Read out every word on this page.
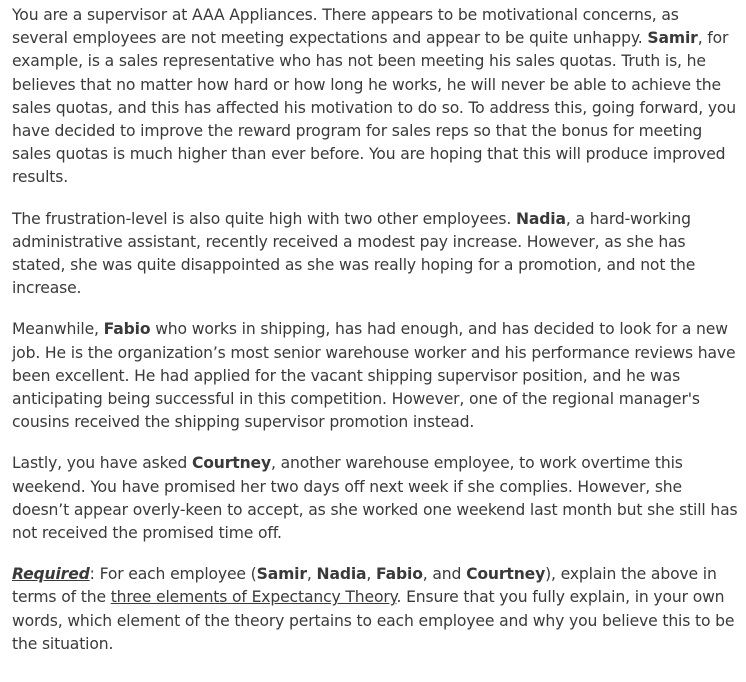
You are a supervisor at AAA Appliances. There appears to be motivational concerns, as several employees are not meeting expectations and appear to be quite unhappy. Samir, for example, is a sales representative who has not been meeting his sales quotas. Truth is, he believes that no matter how hard or how long he works, he will never be able to achieve the sales quotas, and this has affected his motivation to do so. To address this, going forward, you have decided to improve the reward program for sales reps so that the bonus for meeting sales quotas is much higher than ever before. You are hoping that this will produce improved results.

The frustration-level is also quite high with two other employees. Nadia, a hard-working administrative assistant, recently received a modest pay increase. However, as she has stated, she was quite disappointed as she was really hoping for a promotion, and not the increase.

Meanwhile, Fabio who works in shipping, has had enough, and has decided to look for a new job. He is the organization’s most senior warehouse worker and his performance reviews have been excellent. He had applied for the vacant shipping supervisor position, and he was anticipating being successful in this competition. However, one of the regional manager's cousins received the shipping supervisor promotion instead.

Lastly, you have asked Courtney, another warehouse employee, to work overtime this weekend. You have promised her two days off next week if she complies. However, she doesn’t appear overly-keen to accept, as she worked one weekend last month but she still has not received the promised time off.

Required: For each employee (Samir, Nadia, Fabio, and Courtney), explain the above in terms of the three elements of Expectancy Theory. Ensure that you fully explain, in your own words, which element of the theory pertains to each employee and why you believe this to be the situation.
